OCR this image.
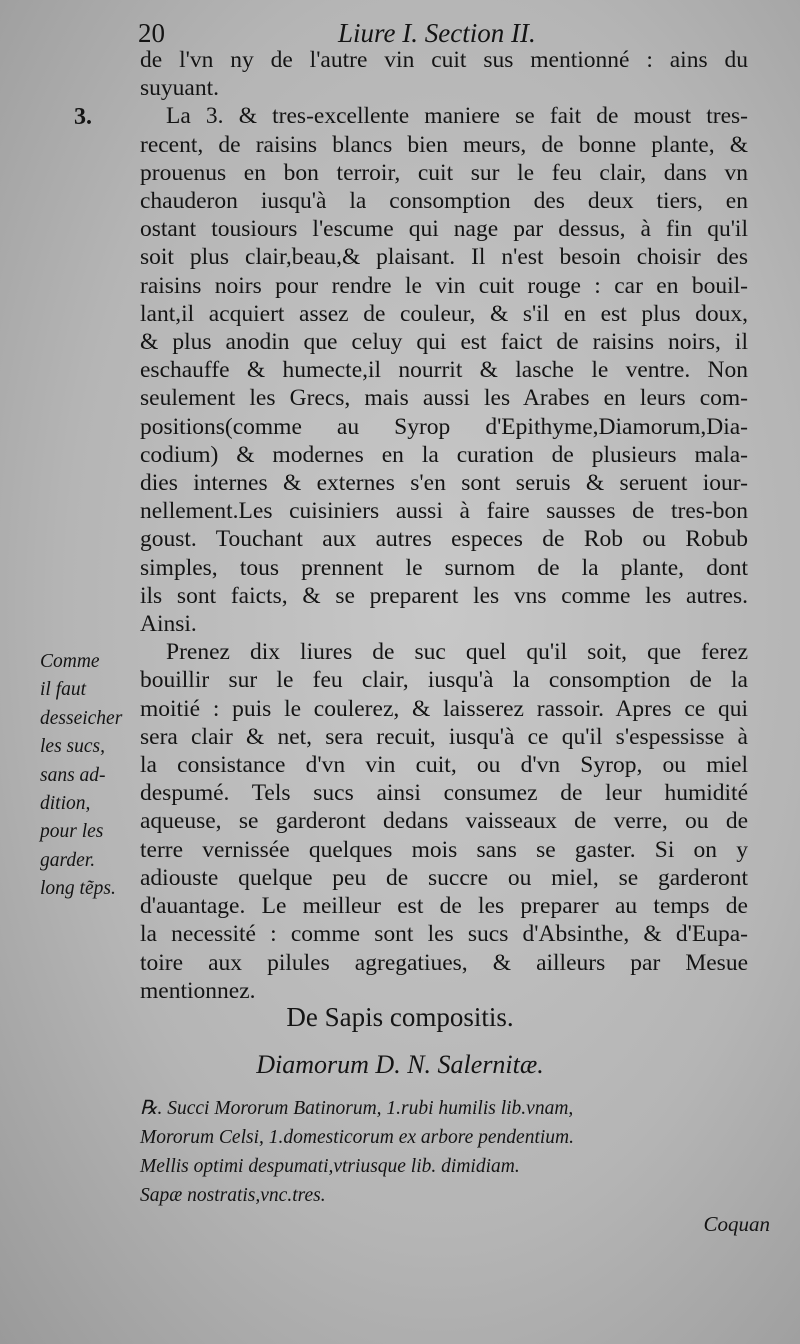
20	Liure I. Section II.
3.
de l'vn ny de l'autre vin cuit sus mentionné : ains du
suyuant.
La 3. & tres-excellente maniere se fait de moust tres-
recent, de raisins blancs bien meurs, de bonne plante, &
prouenus en bon terroir, cuit sur le feu clair, dans vn
chauderon iusqu'à la consomption des deux tiers, en
ostant tousiours l'escume qui nage par dessus, à fin qu'il
soit plus clair,beau,& plaisant. Il n'est besoin choisir des
raisins noirs pour rendre le vin cuit rouge : car en bouil-
lant,il acquiert assez de couleur, & s'il en est plus doux,
& plus anodin que celuy qui est faict de raisins noirs, il
eschauffe & humecte,il nourrit & lasche le ventre. Non
seulement les Grecs, mais aussi les Arabes en leurs com-
positions(comme au Syrop d'Epithyme,Diamorum,Dia-
codium) & modernes en la curation de plusieurs mala-
dies internes & externes s'en sont seruis & seruent iour-
nellement.Les cuisiniers aussi à faire sausses de tres-bon
goust. Touchant aux autres especes de Rob ou Robub
simples, tous prennent le surnom de la plante, dont
ils sont faicts, & se preparent les vns comme les autres.
Ainsi.
Prenez dix liures de suc quel qu'il soit, que ferez
bouillir sur le feu clair, iusqu'à la consomption de la
moitié : puis le coulerez, & laisserez rassoir. Apres ce qui
sera clair & net, sera recuit, iusqu'à ce qu'il s'espessisse à
la consistance d'vn vin cuit, ou d'vn Syrop, ou miel
despumé. Tels sucs ainsi consumez de leur humidité
aqueuse, se garderont dedans vaisseaux de verre, ou de
terre vernissée quelques mois sans se gaster. Si on y
adiouste quelque peu de succre ou miel, se garderont
d'auantage. Le meilleur est de les preparer au temps de
la necessité : comme sont les sucs d'Absinthe, & d'Eupa-
toire aux pilules agregatiues, & ailleurs par Mesue
mentionnez.
Comme
il faut
desseicher
les sucs,
sans ad-
dition,
pour les
garder.
long tẽps.
De Sapis compositis.
Diamorum D. N. Salernitæ.
℞. Succi Mororum Batinorum, 1.rubi humilis lib.vnam,
Mororum Celsi, 1.domesticorum ex arbore pendentium.
Mellis optimi despumati,vtriusque lib. dimidiam.
Sapæ nostratis,vnc.tres.
Coquan
